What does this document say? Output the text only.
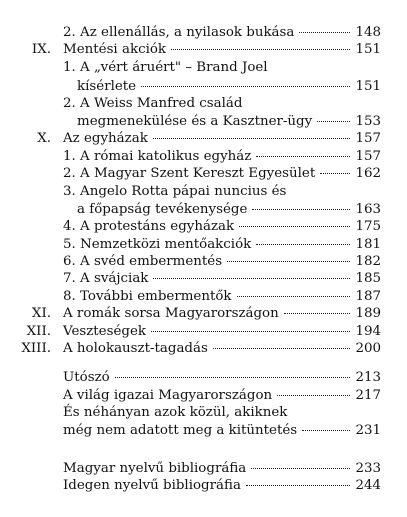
2. Az ellenállás, a nyilasok bukása	148
IX. Mentési akciók	151
1. A „vért áruért" – Brand Joel
kísérlete	151
2. A Weiss Manfred család
megmenekülése és a Kasztner-ügy	153
X. Az egyházak	157
1. A római katolikus egyház	157
2. A Magyar Szent Kereszt Egyesület	162
3. Angelo Rotta pápai nuncius és
a főpapság tevékenysége	163
4. A protestáns egyházak	175
5. Nemzetközi mentőakciók	181
6. A svéd embermentés	182
7. A svájciak	185
8. További embermentők	187
XI. A romák sorsa Magyarországon	189
XII. Veszteségek	194
XIII. A holokauszt-tagadás	200
Utószó	213
A világ igazai Magyarországon	217
És néhányan azok közül, akiknek
még nem adatott meg a kitüntetés	231
Magyar nyelvű bibliográfia	233
Idegen nyelvű bibliográfia	244
